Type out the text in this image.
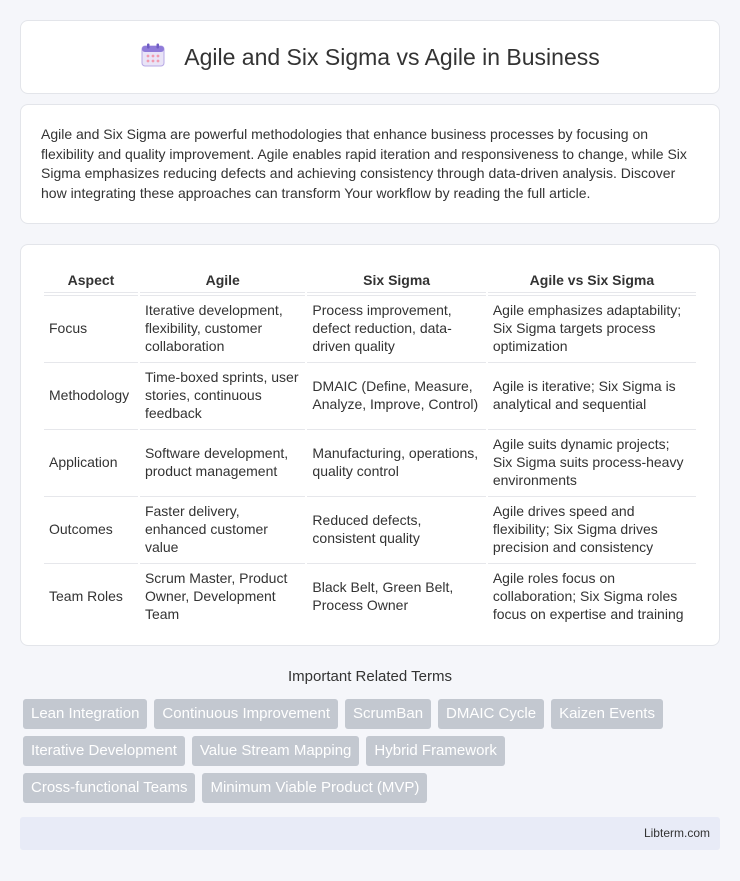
Agile and Six Sigma vs Agile in Business

Agile and Six Sigma are powerful methodologies that enhance business processes by focusing on flexibility and quality improvement. Agile enables rapid iteration and responsiveness to change, while Six Sigma emphasizes reducing defects and achieving consistency through data-driven analysis. Discover how integrating these approaches can transform Your workflow by reading the full article.

Aspect	Agile	Six Sigma	Agile vs Six Sigma
Focus	Iterative development, flexibility, customer collaboration	Process improvement, defect reduction, data-driven quality	Agile emphasizes adaptability; Six Sigma targets process optimization
Methodology	Time-boxed sprints, user stories, continuous feedback	DMAIC (Define, Measure, Analyze, Improve, Control)	Agile is iterative; Six Sigma is analytical and sequential
Application	Software development, product management	Manufacturing, operations, quality control	Agile suits dynamic projects; Six Sigma suits process-heavy environments
Outcomes	Faster delivery, enhanced customer value	Reduced defects, consistent quality	Agile drives speed and flexibility; Six Sigma drives precision and consistency
Team Roles	Scrum Master, Product Owner, Development Team	Black Belt, Green Belt, Process Owner	Agile roles focus on collaboration; Six Sigma roles focus on expertise and training
Important Related Terms
Lean Integration	Continuous Improvement	ScrumBan	DMAIC Cycle	Kaizen Events
Iterative Development	Value Stream Mapping	Hybrid Framework
Cross-functional Teams	Minimum Viable Product (MVP)
Libterm.com
